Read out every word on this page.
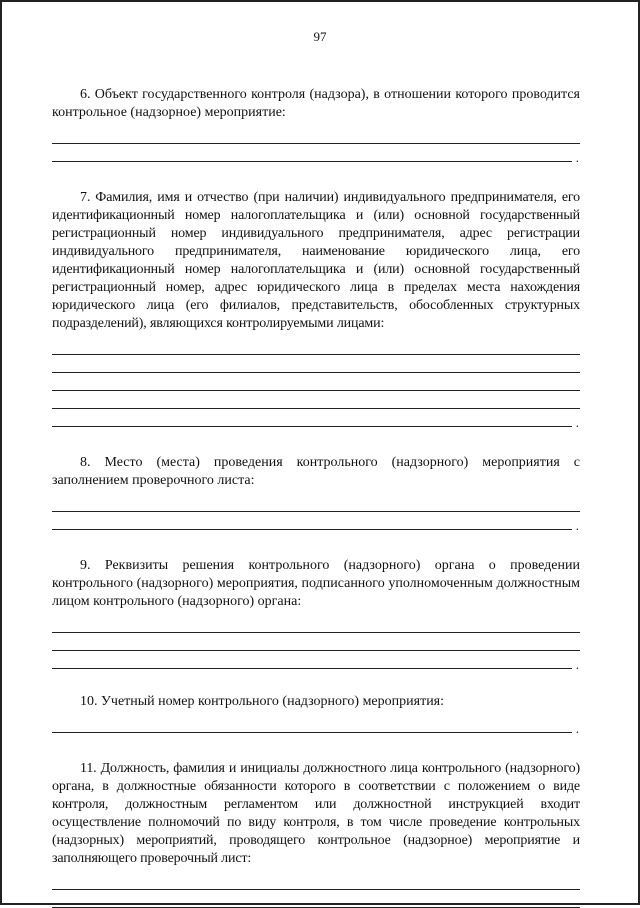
97

6. Объект государственного контроля (надзора), в отношении которого проводится контрольное (надзорное) мероприятие:

.

7. Фамилия, имя и отчество (при наличии) индивидуального предпринимателя, его идентификационный номер налогоплательщика и (или) основной государственный регистрационный номер индивидуального предпринимателя, адрес регистрации индивидуального предпринимателя, наименование юридического лица, его идентификационный номер налогоплательщика и (или) основной государственный регистрационный номер, адрес юридического лица в пределах места нахождения юридического лица (его филиалов, представительств, обособленных структурных подразделений), являющихся контролируемыми лицами:

.

8. Место (места) проведения контрольного (надзорного) мероприятия с заполнением проверочного листа:

.

9. Реквизиты решения контрольного (надзорного) органа о проведении контрольного (надзорного) мероприятия, подписанного уполномоченным должностным лицом контрольного (надзорного) органа:

.

10. Учетный номер контрольного (надзорного) мероприятия:

.

11. Должность, фамилия и инициалы должностного лица контрольного (надзорного) органа, в должностные обязанности которого в соответствии с положением о виде контроля, должностным регламентом или должностной инструкцией входит осуществление полномочий по виду контроля, в том числе проведение контрольных (надзорных) мероприятий, проводящего контрольное (надзорное) мероприятие и заполняющего проверочный лист:
